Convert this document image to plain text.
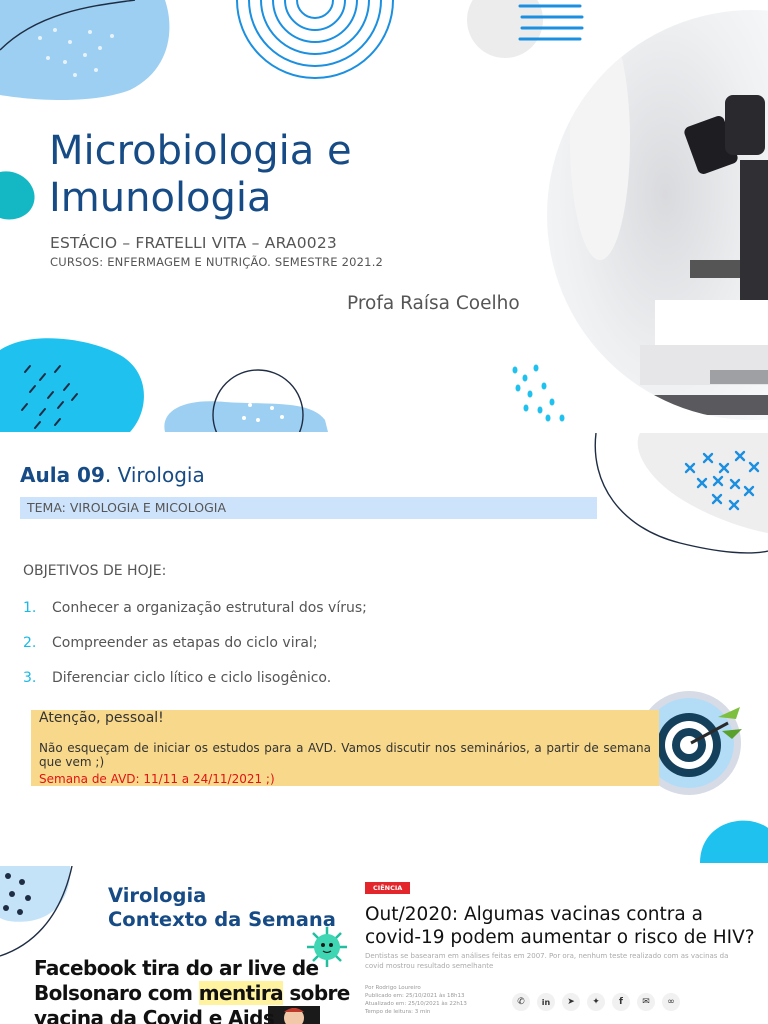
Microbiologia e
Imunologia
ESTÁCIO – FRATELLI VITA – ARA0023
CURSOS: ENFERMAGEM E NUTRIÇÃO. SEMESTRE 2021.2
Profa Raísa Coelho
Aula 09. Virologia
TEMA: VIROLOGIA E MICOLOGIA
OBJETIVOS DE HOJE:
1. Conhecer a organização estrutural dos vírus;
2. Compreender as etapas do ciclo viral;
3. Diferenciar ciclo lítico e ciclo lisogênico.
Atenção, pessoal!
Não esqueçam de iniciar os estudos para a AVD. Vamos discutir nos seminários, a partir de semana que vem ;)
Semana de AVD: 11/11 a 24/11/2021 ;)
Virologia
Contexto da Semana
Facebook tira do ar live de
Bolsonaro com mentira sobre
vacina da Covid e Aids
CIÊNCIA
Out/2020: Algumas vacinas contra a covid-19 podem aumentar o risco de HIV?
Dentistas se basearam em análises feitas em 2007. Por ora, nenhum teste realizado com as vacinas da covid mostrou resultado semelhante
Por Rodrigo Loureiro
Publicado em: 25/10/2021 às 18h13
Atualizado em: 25/10/2021 às 22h13
Tempo de leitura: 3 min
✆	in	➤	✦	f	✉	∞
